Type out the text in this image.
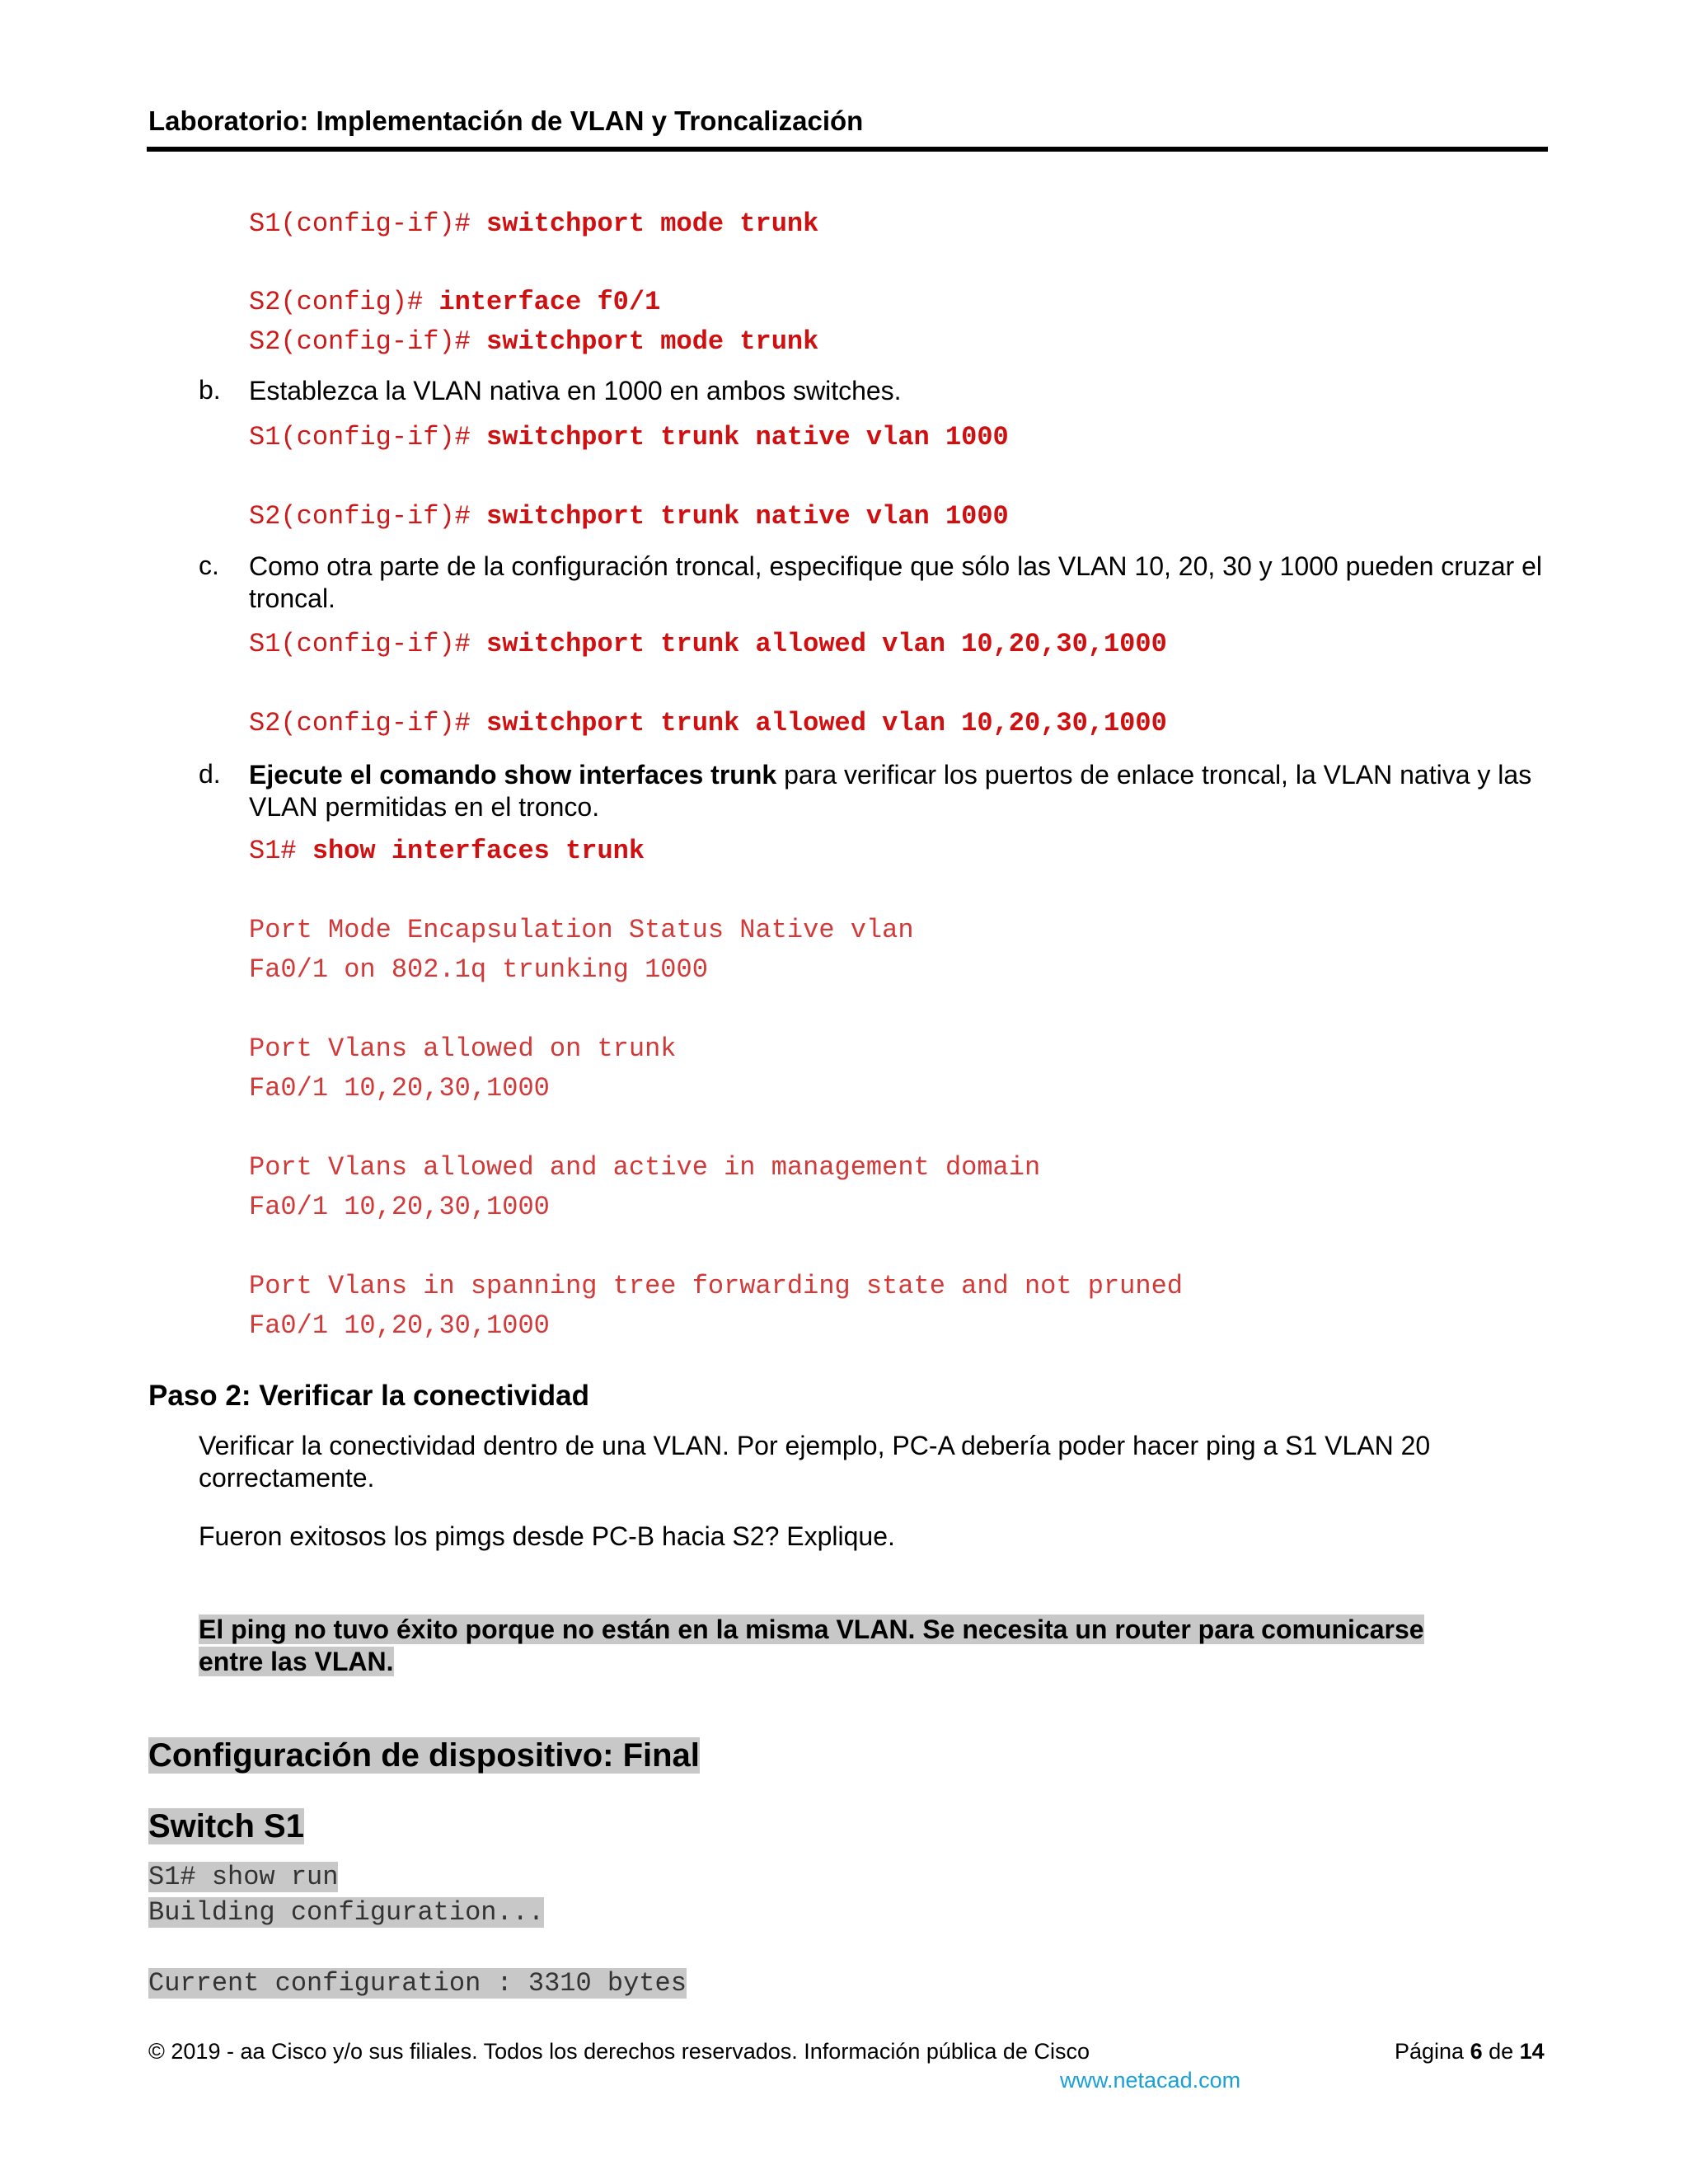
Laboratorio: Implementación de VLAN y Troncalización
S1(config-if)# switchport mode trunk
S2(config)# interface f0/1
S2(config-if)# switchport mode trunk
b. Establezca la VLAN nativa en 1000 en ambos switches.
S1(config-if)# switchport trunk native vlan 1000
S2(config-if)# switchport trunk native vlan 1000
c. Como otra parte de la configuración troncal, especifique que sólo las VLAN 10, 20, 30 y 1000 pueden cruzar el troncal.
S1(config-if)# switchport trunk allowed vlan 10,20,30,1000
S2(config-if)# switchport trunk allowed vlan 10,20,30,1000
d. Ejecute el comando show interfaces trunk para verificar los puertos de enlace troncal, la VLAN nativa y las VLAN permitidas en el tronco.
S1# show interfaces trunk
Port Mode Encapsulation Status Native vlan
Fa0/1 on 802.1q trunking 1000
Port Vlans allowed on trunk
Fa0/1 10,20,30,1000
Port Vlans allowed and active in management domain
Fa0/1 10,20,30,1000
Port Vlans in spanning tree forwarding state and not pruned
Fa0/1 10,20,30,1000
Paso 2: Verificar la conectividad
Verificar la conectividad dentro de una VLAN. Por ejemplo, PC-A debería poder hacer ping a S1 VLAN 20 correctamente.
Fueron exitosos los pimgs desde PC-B hacia S2? Explique.
El ping no tuvo éxito porque no están en la misma VLAN. Se necesita un router para comunicarse
entre las VLAN.
Configuración de dispositivo: Final
Switch S1
S1# show run
Building configuration...
Current configuration : 3310 bytes
© 2019 - aa Cisco y/o sus filiales. Todos los derechos reservados. Información pública de Cisco	Página 6 de 14
www.netacad.com
